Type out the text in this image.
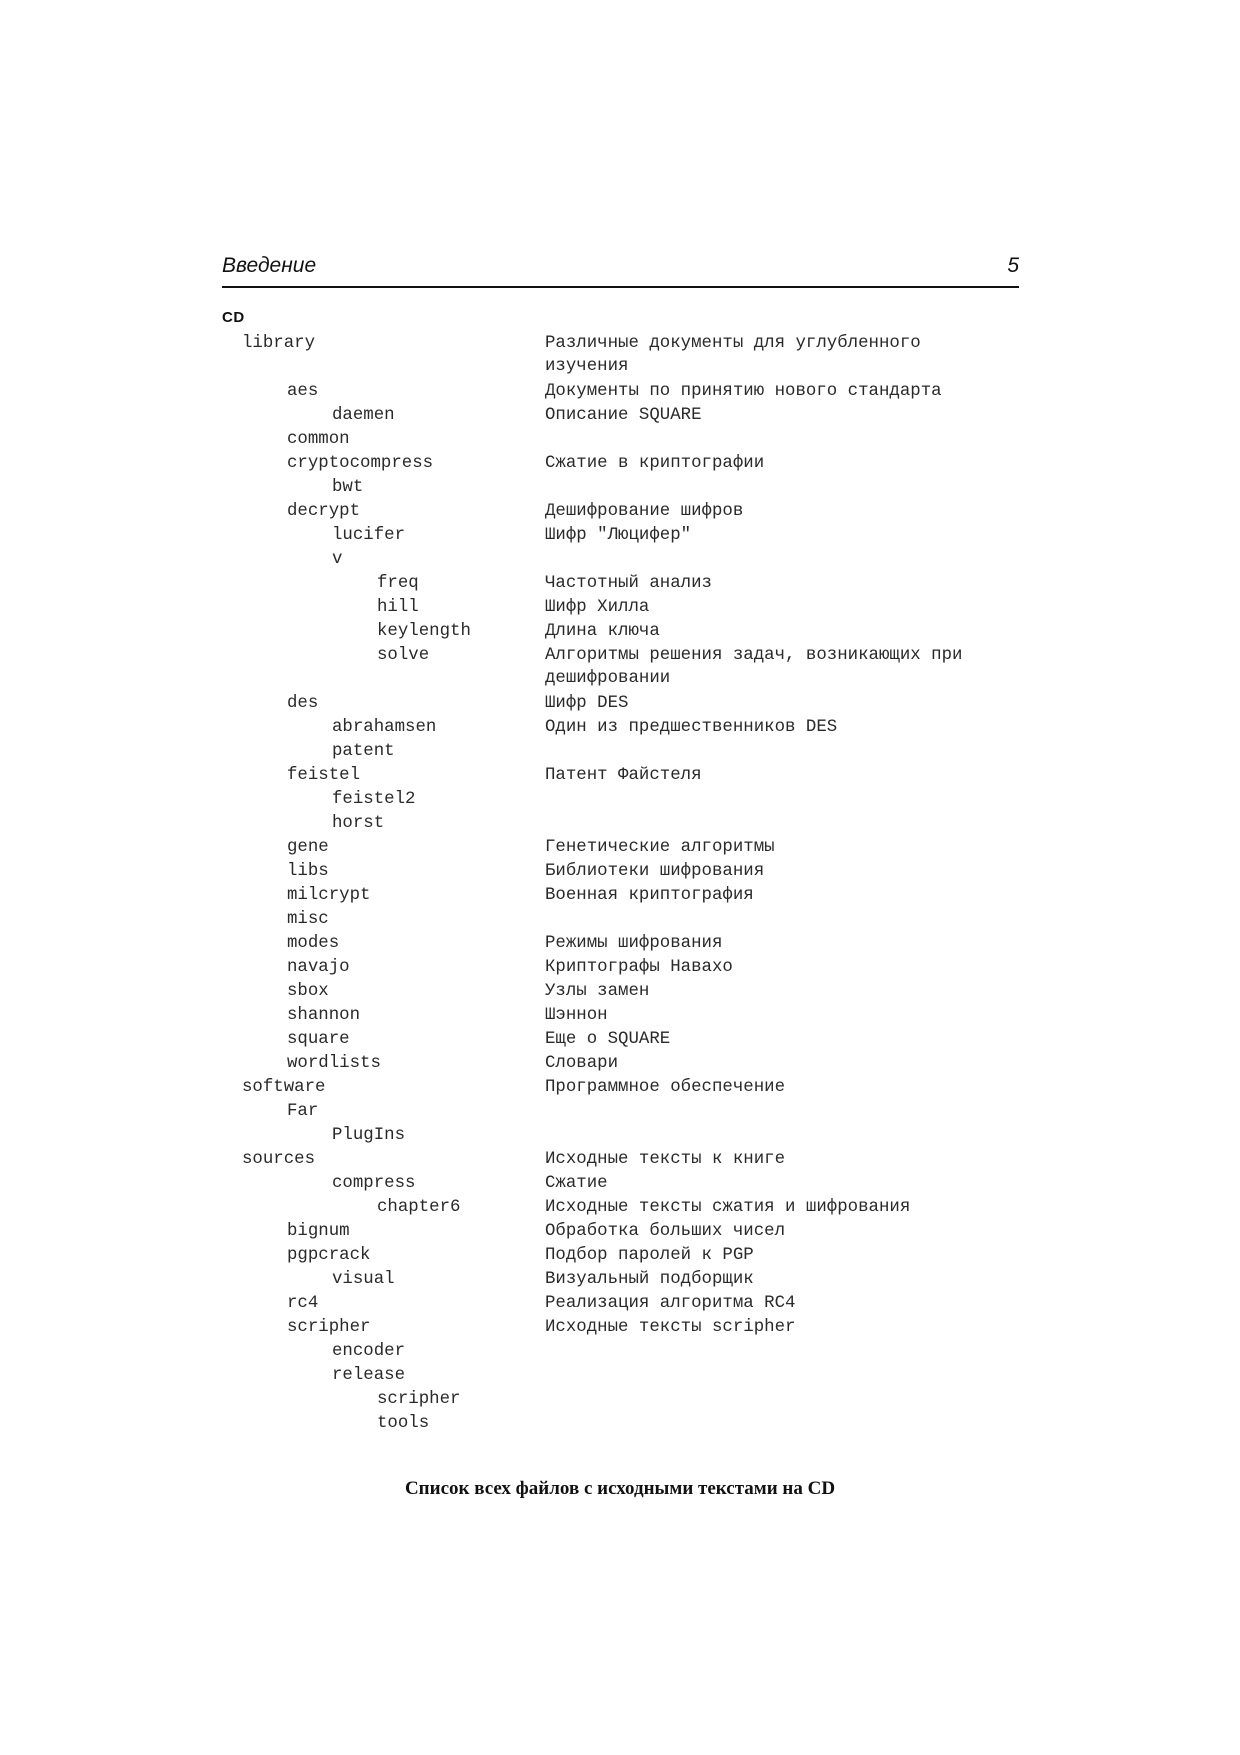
Введение	5
CD
library	Различные документы для углубленного изучения
aes	Документы по принятию нового стандарта
daemen	Описание SQUARE
common
cryptocompress	Сжатие в криптографии
bwt
decrypt	Дешифрование шифров
lucifer	Шифр "Люцифер"
v
freq	Частотный анализ
hill	Шифр Хилла
keylength	Длина ключа
solve	Алгоритмы решения задач, возникающих при дешифровании
des	Шифр DES
abrahamsen	Один из предшественников DES
patent
feistel	Патент Файстеля
feistel2
horst
gene	Генетические алгоритмы
libs	Библиотеки шифрования
milcrypt	Военная криптография
misc
modes	Режимы шифрования
navajo	Криптографы Навахо
sbox	Узлы замен
shannon	Шэннон
square	Еще о SQUARE
wordlists	Словари
software	Программное обеспечение
Far
PlugIns
sources	Исходные тексты к книге
compress	Сжатие
chapter6	Исходные тексты сжатия и шифрования
bignum	Обработка больших чисел
pgpcrack	Подбор паролей к PGP
visual	Визуальный подборщик
rc4	Реализация алгоритма RC4
scripher	Исходные тексты scripher
encoder
release
scripher
tools
Список всех файлов с исходными текстами на CD
